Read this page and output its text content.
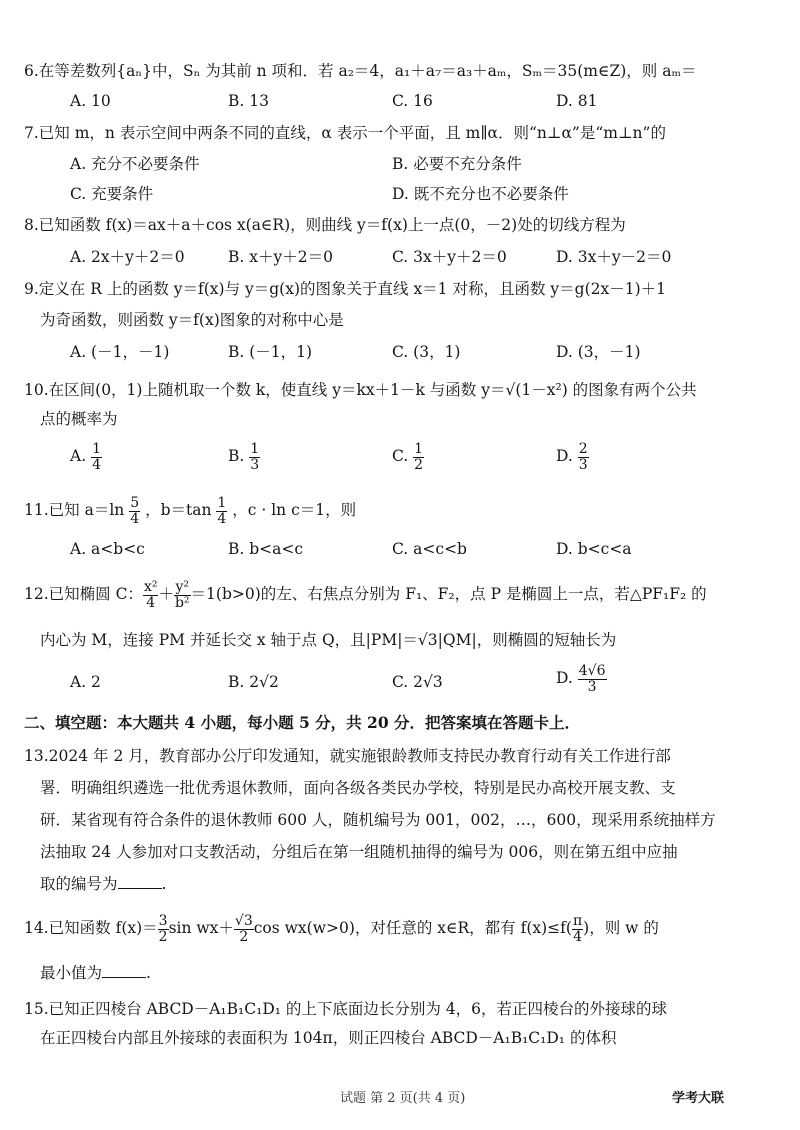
6.在等差数列{aₙ}中，Sₙ 为其前 n 项和．若 a₂＝4，a₁＋a₇＝a₃＋aₘ，Sₘ＝35(m∈Z)，则 aₘ＝
A. 10	B. 13	C. 16	D. 81
7.已知 m，n 表示空间中两条不同的直线，α 表示一个平面，且 m∥α．则“n⊥α”是“m⊥n”的
A. 充分不必要条件	B. 必要不充分条件
C. 充要条件	D. 既不充分也不必要条件
8.已知函数 f(x)＝ax＋a＋cos x(a∈R)，则曲线 y＝f(x)上一点(0，－2)处的切线方程为
A. 2x＋y＋2＝0	B. x＋y＋2＝0	C. 3x＋y＋2＝0	D. 3x＋y－2＝0
9.定义在 R 上的函数 y＝f(x)与 y＝g(x)的图象关于直线 x＝1 对称，且函数 y＝g(2x－1)＋1
为奇函数，则函数 y＝f(x)图象的对称中心是
A. (－1，－1)	B. (－1，1)	C. (3，1)	D. (3，－1)
10.在区间(0，1)上随机取一个数 k，使直线 y＝kx＋1－k 与函数 y＝√(1－x²) 的图象有两个公共
点的概率为
A. $\frac{1}{4}$	B. $\frac{1}{3}$	C. $\frac{1}{2}$	D. $\frac{2}{3}$
11.已知 $a=\ln \frac{5}{4}$ ，$b=\tan \frac{1}{4}$ ，c · ln c＝1，则
A. a<b<c	B. b<a<c	C. a<c<b	D. b<c<a
12.已知椭圆 C： $\frac{\text{x²}}{4} + \frac{\text{y²}}{\text{b²}} =1(b>0)$的左、右焦点分别为 F₁、F₂，点 P 是椭圆上一点，若△PF₁F₂ 的
内心为 M，连接 PM 并延长交 x 轴于点 Q，且|PM|＝√3|QM|，则椭圆的短轴长为
A. 2	B. 2√2	C. 2√3	D. $\frac{4√6}{3}$
二、填空题：本大题共 4 小题，每小题 5 分，共 20 分．把答案填在答题卡上．
13.2024 年 2 月，教育部办公厅印发通知，就实施银龄教师支持民办教育行动有关工作进行部
署．明确组织遴选一批优秀退休教师，面向各级各类民办学校，特别是民办高校开展支教、支
研．某省现有符合条件的退休教师 600 人，随机编号为 001，002，…，600，现采用系统抽样方
法抽取 24 人参加对口支教活动，分组后在第一组随机抽得的编号为 006，则在第五组中应抽
取的编号为	.
14.已知函数 $f(x)= \frac{3}{2}$ $\sin wx+ \frac{√3}{2}$ cos wx(w>0)，对任意的 x∈R，都有 $f(x)\le f( \frac{\pi}{4}$ )，则 w 的
最小值为	.
15.已知正四棱台 ABCD－A₁B₁C₁D₁ 的上下底面边长分别为 4，6，若正四棱台的外接球的球
在正四棱台内部且外接球的表面积为 104π，则正四棱台 ABCD－A₁B₁C₁D₁ 的体积
试题 第 2 页(共 4 页)	学考大联
